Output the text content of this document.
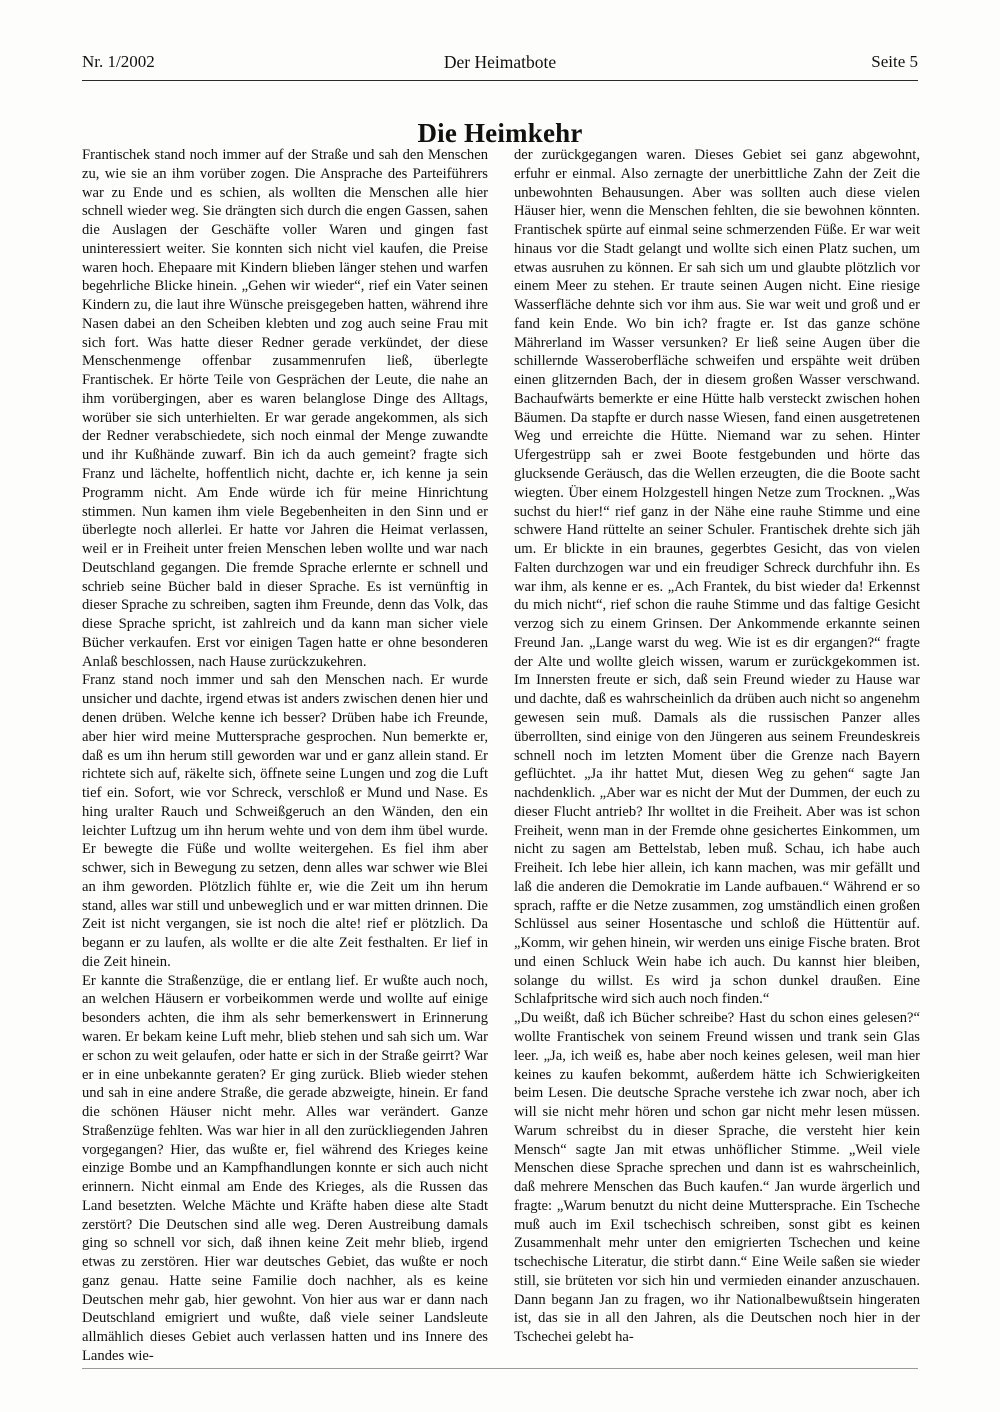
Nr. 1/2002	Der Heimatbote	Seite 5
Die Heimkehr

Frantischek stand noch immer auf der Straße und sah den Menschen zu, wie sie an ihm vorüber zogen. Die Ansprache des Parteiführers war zu Ende und es schien, als wollten die Menschen alle hier schnell wieder weg. Sie drängten sich durch die engen Gassen, sahen die Auslagen der Geschäfte voller Waren und gingen fast uninteressiert weiter. Sie konnten sich nicht viel kaufen, die Preise waren hoch. Ehepaare mit Kindern blieben länger stehen und warfen begehrliche Blicke hinein. „Gehen wir wieder“, rief ein Vater seinen Kindern zu, die laut ihre Wünsche preisgegeben hatten, während ihre Nasen dabei an den Scheiben klebten und zog auch seine Frau mit sich fort. Was hatte dieser Redner gerade verkündet, der diese Menschenmenge offenbar zusammenrufen ließ, überlegte Frantischek. Er hörte Teile von Gesprächen der Leute, die nahe an ihm vorübergingen, aber es waren belanglose Dinge des Alltags, worüber sie sich unterhielten. Er war gerade angekommen, als sich der Redner verabschiedete, sich noch einmal der Menge zuwandte und ihr Kußhände zuwarf. Bin ich da auch gemeint? fragte sich Franz und lächelte, hoffentlich nicht, dachte er, ich kenne ja sein Programm nicht. Am Ende würde ich für meine Hinrichtung stimmen. Nun kamen ihm viele Begebenheiten in den Sinn und er überlegte noch allerlei. Er hatte vor Jahren die Heimat verlassen, weil er in Freiheit unter freien Menschen leben wollte und war nach Deutschland gegangen. Die fremde Sprache erlernte er schnell und schrieb seine Bücher bald in dieser Sprache. Es ist vernünftig in dieser Sprache zu schreiben, sagten ihm Freunde, denn das Volk, das diese Sprache spricht, ist zahlreich und da kann man sicher viele Bücher verkaufen. Erst vor einigen Tagen hatte er ohne besonderen Anlaß beschlossen, nach Hause zurückzukehren.

Franz stand noch immer und sah den Menschen nach. Er wurde unsicher und dachte, irgend etwas ist anders zwischen denen hier und denen drüben. Welche kenne ich besser? Drüben habe ich Freunde, aber hier wird meine Muttersprache gesprochen. Nun bemerkte er, daß es um ihn herum still geworden war und er ganz allein stand. Er richtete sich auf, räkelte sich, öffnete seine Lungen und zog die Luft tief ein. Sofort, wie vor Schreck, verschloß er Mund und Nase. Es hing uralter Rauch und Schweißgeruch an den Wänden, den ein leichter Luftzug um ihn herum wehte und von dem ihm übel wurde. Er bewegte die Füße und wollte weitergehen. Es fiel ihm aber schwer, sich in Bewegung zu setzen, denn alles war schwer wie Blei an ihm geworden. Plötzlich fühlte er, wie die Zeit um ihn herum stand, alles war still und unbeweglich und er war mitten drinnen. Die Zeit ist nicht vergangen, sie ist noch die alte! rief er plötzlich. Da begann er zu laufen, als wollte er die alte Zeit festhalten. Er lief in die Zeit hinein.

Er kannte die Straßenzüge, die er entlang lief. Er wußte auch noch, an welchen Häusern er vorbeikommen werde und wollte auf einige besonders achten, die ihm als sehr bemerkenswert in Erinnerung waren. Er bekam keine Luft mehr, blieb stehen und sah sich um. War er schon zu weit gelaufen, oder hatte er sich in der Straße geirrt? War er in eine unbekannte geraten? Er ging zurück. Blieb wieder stehen und sah in eine andere Straße, die gerade abzweigte, hinein. Er fand die schönen Häuser nicht mehr. Alles war verändert. Ganze Straßenzüge fehlten. Was war hier in all den zurückliegenden Jahren vorgegangen? Hier, das wußte er, fiel während des Krieges keine einzige Bombe und an Kampfhandlungen konnte er sich auch nicht erinnern. Nicht einmal am Ende des Krieges, als die Russen das Land besetzten. Welche Mächte und Kräfte haben diese alte Stadt zerstört? Die Deutschen sind alle weg. Deren Austreibung damals ging so schnell vor sich, daß ihnen keine Zeit mehr blieb, irgend etwas zu zerstören. Hier war deutsches Gebiet, das wußte er noch ganz genau. Hatte seine Familie doch nachher, als es keine Deutschen mehr gab, hier gewohnt. Von hier aus war er dann nach Deutschland emigriert und wußte, daß viele seiner Landsleute allmählich dieses Gebiet auch verlassen hatten und ins Innere des Landes wie-

der zurückgegangen waren. Dieses Gebiet sei ganz abgewohnt, erfuhr er einmal. Also zernagte der unerbittliche Zahn der Zeit die unbewohnten Behausungen. Aber was sollten auch diese vielen Häuser hier, wenn die Menschen fehlten, die sie bewohnen könnten. Frantischek spürte auf einmal seine schmerzenden Füße. Er war weit hinaus vor die Stadt gelangt und wollte sich einen Platz suchen, um etwas ausruhen zu können. Er sah sich um und glaubte plötzlich vor einem Meer zu stehen. Er traute seinen Augen nicht. Eine riesige Wasserfläche dehnte sich vor ihm aus. Sie war weit und groß und er fand kein Ende. Wo bin ich? fragte er. Ist das ganze schöne Mährerland im Wasser versunken? Er ließ seine Augen über die schillernde Wasseroberfläche schweifen und erspähte weit drüben einen glitzernden Bach, der in diesem großen Wasser verschwand. Bachaufwärts bemerkte er eine Hütte halb versteckt zwischen hohen Bäumen. Da stapfte er durch nasse Wiesen, fand einen ausgetretenen Weg und erreichte die Hütte. Niemand war zu sehen. Hinter Ufergestrüpp sah er zwei Boote festgebunden und hörte das glucksende Geräusch, das die Wellen erzeugten, die die Boote sacht wiegten. Über einem Holzgestell hingen Netze zum Trocknen. „Was suchst du hier!“ rief ganz in der Nähe eine rauhe Stimme und eine schwere Hand rüttelte an seiner Schuler. Frantischek drehte sich jäh um. Er blickte in ein braunes, gegerbtes Gesicht, das von vielen Falten durchzogen war und ein freudiger Schreck durchfuhr ihn. Es war ihm, als kenne er es. „Ach Frantek, du bist wieder da! Erkennst du mich nicht“, rief schon die rauhe Stimme und das faltige Gesicht verzog sich zu einem Grinsen. Der Ankommende erkannte seinen Freund Jan. „Lange warst du weg. Wie ist es dir ergangen?“ fragte der Alte und wollte gleich wissen, warum er zurückgekommen ist. Im Innersten freute er sich, daß sein Freund wieder zu Hause war und dachte, daß es wahrscheinlich da drüben auch nicht so angenehm gewesen sein muß. Damals als die russischen Panzer alles überrollten, sind einige von den Jüngeren aus seinem Freundeskreis schnell noch im letzten Moment über die Grenze nach Bayern geflüchtet. „Ja ihr hattet Mut, diesen Weg zu gehen“ sagte Jan nachdenklich. „Aber war es nicht der Mut der Dummen, der euch zu dieser Flucht antrieb? Ihr wolltet in die Freiheit. Aber was ist schon Freiheit, wenn man in der Fremde ohne gesichertes Einkommen, um nicht zu sagen am Bettelstab, leben muß. Schau, ich habe auch Freiheit. Ich lebe hier allein, ich kann machen, was mir gefällt und laß die anderen die Demokratie im Lande aufbauen.“ Während er so sprach, raffte er die Netze zusammen, zog umständlich einen großen Schlüssel aus seiner Hosentasche und schloß die Hüttentür auf. „Komm, wir gehen hinein, wir werden uns einige Fische braten. Brot und einen Schluck Wein habe ich auch. Du kannst hier bleiben, solange du willst. Es wird ja schon dunkel draußen. Eine Schlafpritsche wird sich auch noch finden.“

„Du weißt, daß ich Bücher schreibe? Hast du schon eines gelesen?“ wollte Frantischek von seinem Freund wissen und trank sein Glas leer. „Ja, ich weiß es, habe aber noch keines gelesen, weil man hier keines zu kaufen bekommt, außerdem hätte ich Schwierigkeiten beim Lesen. Die deutsche Sprache verstehe ich zwar noch, aber ich will sie nicht mehr hören und schon gar nicht mehr lesen müssen. Warum schreibst du in dieser Sprache, die versteht hier kein Mensch“ sagte Jan mit etwas unhöflicher Stimme. „Weil viele Menschen diese Sprache sprechen und dann ist es wahrscheinlich, daß mehrere Menschen das Buch kaufen.“ Jan wurde ärgerlich und fragte: „Warum benutzt du nicht deine Muttersprache. Ein Tscheche muß auch im Exil tschechisch schreiben, sonst gibt es keinen Zusammenhalt mehr unter den emigrierten Tschechen und keine tschechische Literatur, die stirbt dann.“ Eine Weile saßen sie wieder still, sie brüteten vor sich hin und vermieden einander anzuschauen. Dann begann Jan zu fragen, wo ihr Nationalbewußtsein hingeraten ist, das sie in all den Jahren, als die Deutschen noch hier in der Tschechei gelebt ha-
